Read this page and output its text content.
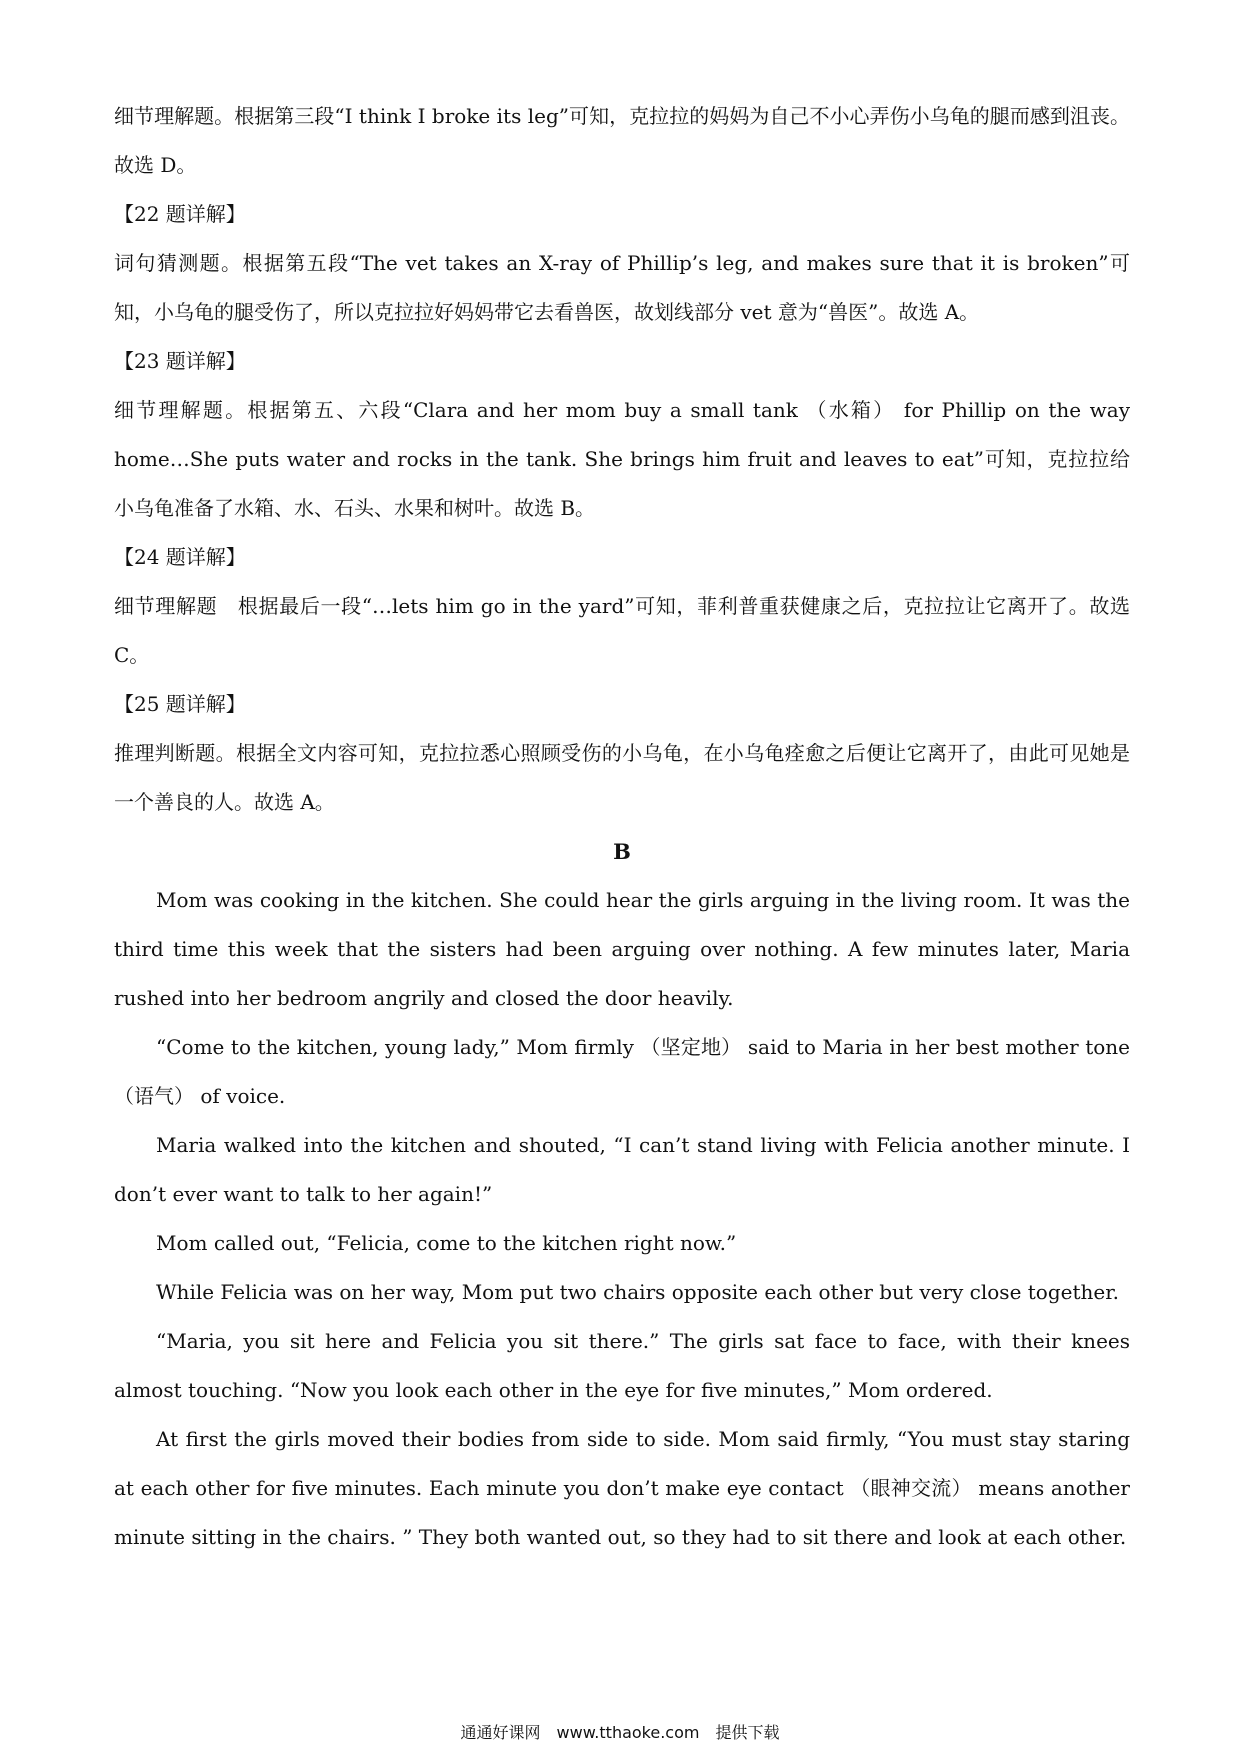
细节理解题。根据第三段“I think I broke its leg”可知，克拉拉的妈妈为自己不小心弄伤小乌龟的腿而感到沮丧。故选 D。

【22 题详解】

词句猜测题。根据第五段“The vet takes an X-ray of Phillip’s leg, and makes sure that it is broken”可知，小乌龟的腿受伤了，所以克拉拉好妈妈带它去看兽医，故划线部分 vet 意为“兽医”。故选 A。

【23 题详解】

细节理解题。根据第五、六段“Clara and her mom buy a small tank （水箱） for Phillip on the way home…She puts water and rocks in the tank. She brings him fruit and leaves to eat”可知，克拉拉给小乌龟准备了水箱、水、石头、水果和树叶。故选 B。

【24 题详解】

细节理解题　根据最后一段“…lets him go in the yard”可知，菲利普重获健康之后，克拉拉让它离开了。故选 C。

【25 题详解】

推理判断题。根据全文内容可知，克拉拉悉心照顾受伤的小乌龟，在小乌龟痊愈之后便让它离开了，由此可见她是一个善良的人。故选 A。

B

Mom was cooking in the kitchen. She could hear the girls arguing in the living room. It was the third time this week that the sisters had been arguing over nothing. A few minutes later, Maria rushed into her bedroom angrily and closed the door heavily.

“Come to the kitchen, young lady,” Mom firmly （坚定地） said to Maria in her best mother tone （语气） of voice.

Maria walked into the kitchen and shouted, “I can’t stand living with Felicia another minute. I don’t ever want to talk to her again!”

Mom called out, “Felicia, come to the kitchen right now.”

While Felicia was on her way, Mom put two chairs opposite each other but very close together.

“Maria, you sit here and Felicia you sit there.” The girls sat face to face, with their knees almost touching. “Now you look each other in the eye for five minutes,” Mom ordered.

At first the girls moved their bodies from side to side. Mom said firmly, “You must stay staring at each other for five minutes. Each minute you don’t make eye contact （眼神交流） means another minute sitting in the chairs. ” They both wanted out, so they had to sit there and look at each other.

通通好课网　www.tthaoke.com　提供下载
